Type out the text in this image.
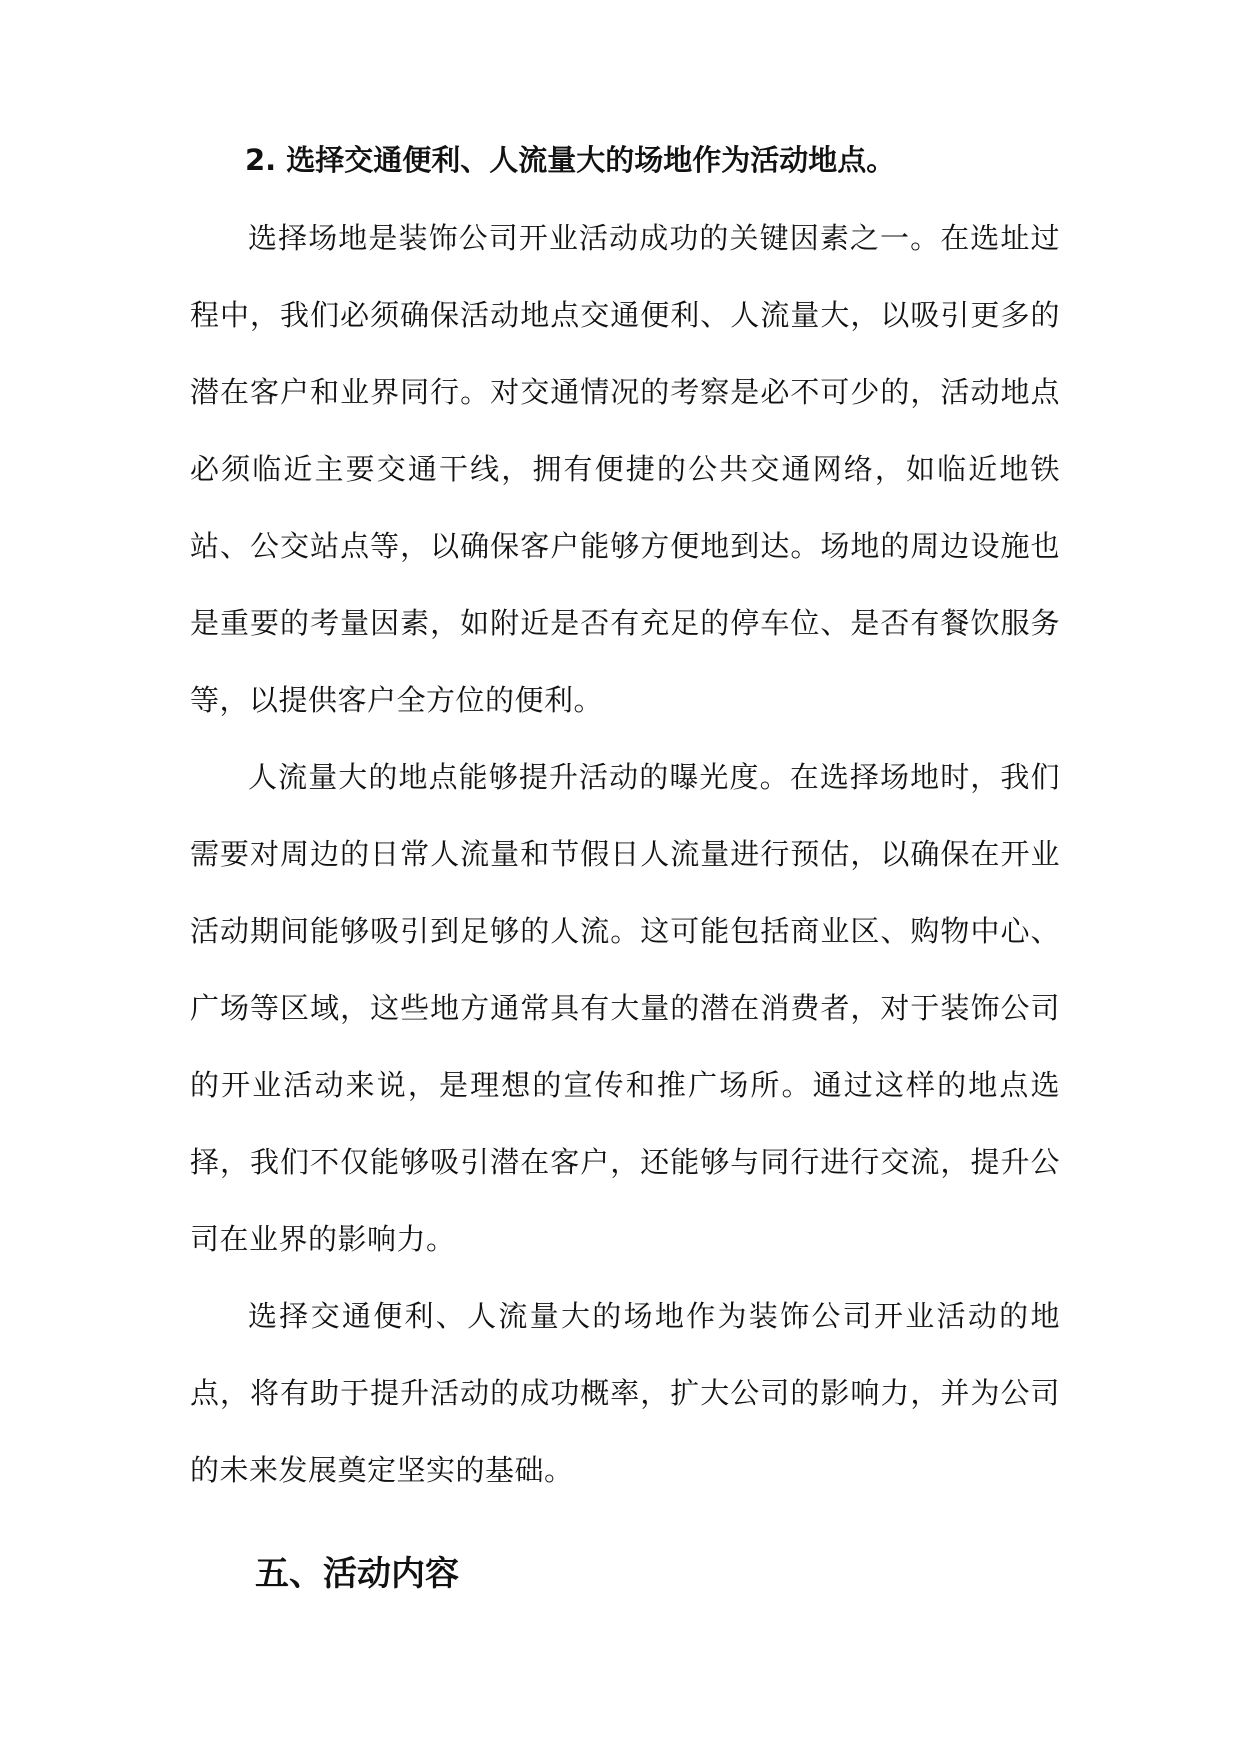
2. 选择交通便利、人流量大的场地作为活动地点。

选择场地是装饰公司开业活动成功的关键因素之一。在选址过程中，我们必须确保活动地点交通便利、人流量大，以吸引更多的潜在客户和业界同行。对交通情况的考察是必不可少的，活动地点必须临近主要交通干线，拥有便捷的公共交通网络，如临近地铁站、公交站点等，以确保客户能够方便地到达。场地的周边设施也是重要的考量因素，如附近是否有充足的停车位、是否有餐饮服务等，以提供客户全方位的便利。

人流量大的地点能够提升活动的曝光度。在选择场地时，我们需要对周边的日常人流量和节假日人流量进行预估，以确保在开业活动期间能够吸引到足够的人流。这可能包括商业区、购物中心、广场等区域，这些地方通常具有大量的潜在消费者，对于装饰公司的开业活动来说，是理想的宣传和推广场所。通过这样的地点选择，我们不仅能够吸引潜在客户，还能够与同行进行交流，提升公司在业界的影响力。

选择交通便利、人流量大的场地作为装饰公司开业活动的地点，将有助于提升活动的成功概率，扩大公司的影响力，并为公司的未来发展奠定坚实的基础。

五、活动内容
